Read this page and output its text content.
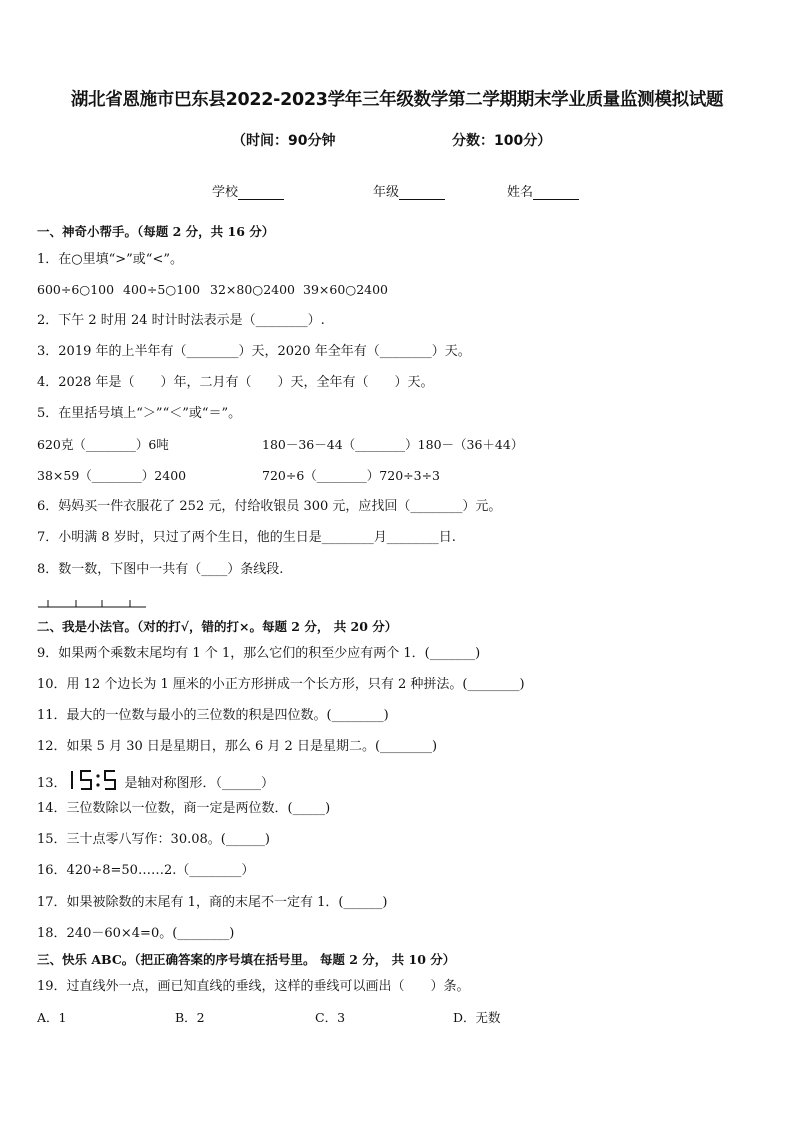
湖北省恩施市巴东县2022-2023学年三年级数学第二学期期末学业质量监测模拟试题
（时间：90分钟	分数：100分）
学校	年级	姓名
一、神奇小帮手。（每题 2 分，共 16 分）
1．在○里填“>”或“<”。
600÷6○100 400÷5○100 32×80○2400 39×60○2400
2．下午 2 时用 24 时计时法表示是（________）.
3．2019 年的上半年有（________）天，2020 年全年有（________）天。
4．2028 年是（　　）年，二月有（　　）天，全年有（　　）天。
5．在里括号填上“＞”“＜”或“＝”。
620克（________）6吨	180－36－44（________）180－（36＋44）
38×59（________）2400	720÷6（________）720÷3÷3
6．妈妈买一件衣服花了 252 元，付给收银员 300 元，应找回（________）元。
7．小明满 8 岁时，只过了两个生日，他的生日是________月________日.
8．数一数，下图中一共有（____）条线段.
二、我是小法官。（对的打√，错的打×。每题 2 分， 共 20 分）
9．如果两个乘数末尾均有 1 个 1，那么它们的积至少应有两个 1．(_______)
10．用 12 个边长为 1 厘米的小正方形拼成一个长方形，只有 2 种拼法。(________)
11．最大的一位数与最小的三位数的积是四位数。(________)
12．如果 5 月 30 日是星期日，那么 6 月 2 日是星期二。(________)
13．	是轴对称图形．（______）
14．三位数除以一位数，商一定是两位数．(_____)
15．三十点零八写作：30.08。(______)
16．420÷8=50……2.（________）
17．如果被除数的末尾有 1，商的末尾不一定有 1．(______)
18．240－60×4=0。(________)
三、快乐 ABC。（把正确答案的序号填在括号里。 每题 2 分， 共 10 分）
19．过直线外一点，画已知直线的垂线，这样的垂线可以画出（　　）条。
A．1	B．2	C．3	D．无数
